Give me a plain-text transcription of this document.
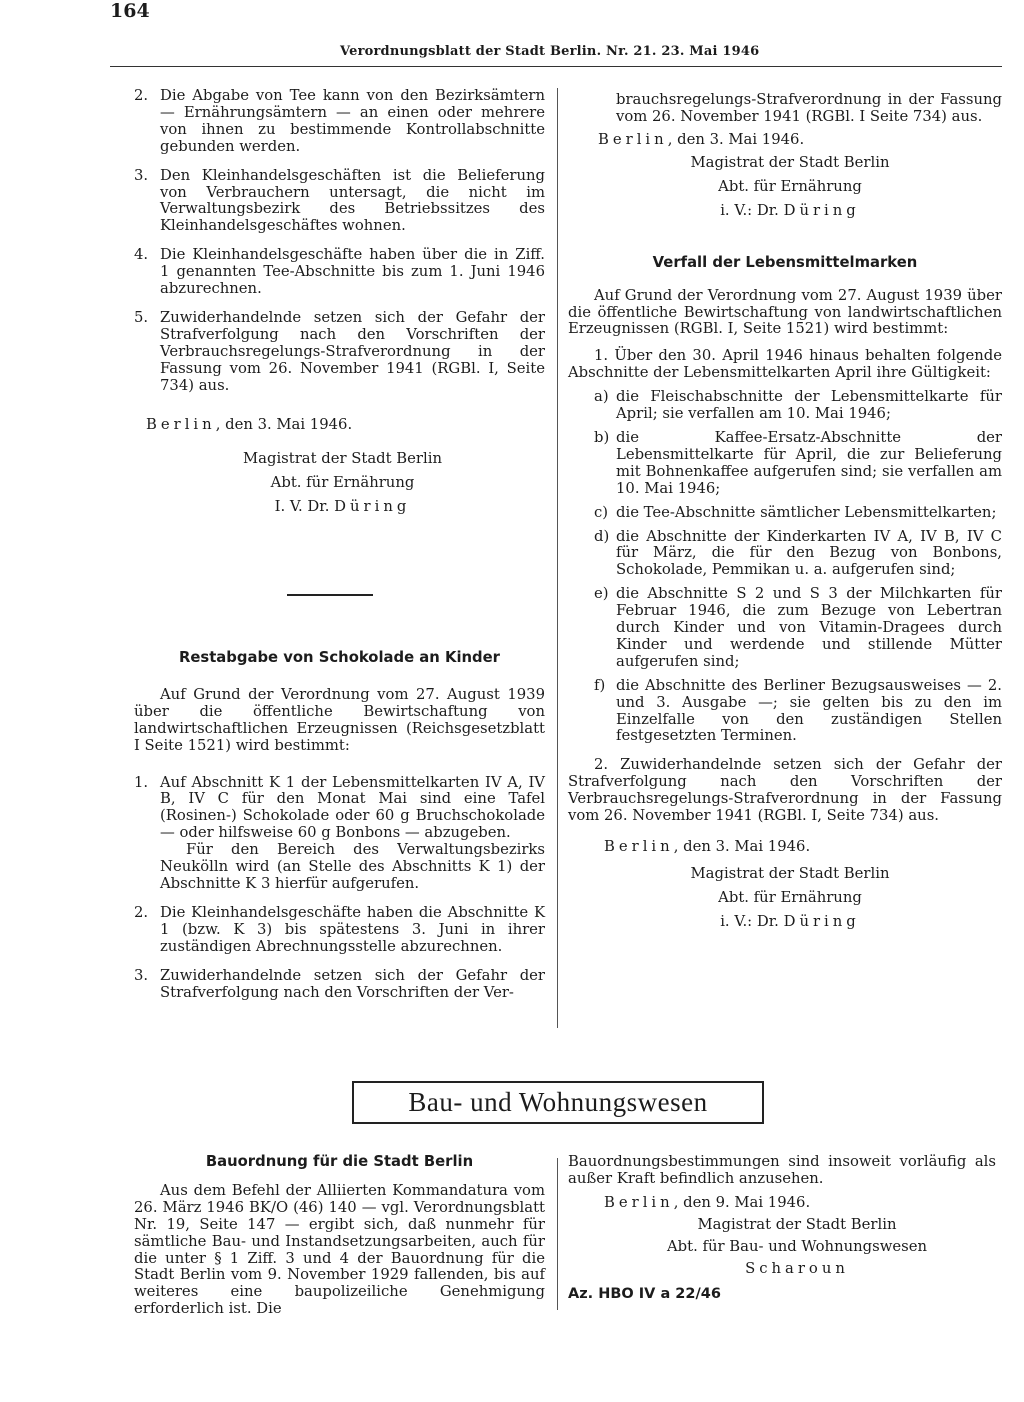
164
Verordnungsblatt der Stadt Berlin. Nr. 21. 23. Mai 1946
2. Die Abgabe von Tee kann von den Bezirksämtern — Ernährungsämtern — an einen oder mehrere von ihnen zu bestimmende Kontrollabschnitte gebunden werden.
3. Den Kleinhandelsgeschäften ist die Belieferung von Verbrauchern untersagt, die nicht im Verwaltungsbezirk des Betriebssitzes des Kleinhandelsgeschäftes wohnen.
4. Die Kleinhandelsgeschäfte haben über die in Ziff. 1 genannten Tee-Abschnitte bis zum 1. Juni 1946 abzurechnen.
5. Zuwiderhandelnde setzen sich der Gefahr der Strafverfolgung nach den Vorschriften der Verbrauchsregelungs-Strafverordnung in der Fassung vom 26. November 1941 (RGBl. I, Seite 734) aus.

Berlin, den 3. Mai 1946.

Magistrat der Stadt Berlin
Abt. für Ernährung
I. V. Dr. Düring
Restabgabe von Schokolade an Kinder

Auf Grund der Verordnung vom 27. August 1939 über die öffentliche Bewirtschaftung von landwirtschaftlichen Erzeugnissen (Reichsgesetzblatt I Seite 1521) wird bestimmt:

1. Auf Abschnitt K 1 der Lebensmittelkarten IV A, IV B, IV C für den Monat Mai sind eine Tafel (Rosinen-) Schokolade oder 60 g Bruchschokolade — oder hilfsweise 60 g Bonbons — abzugeben.

Für den Bereich des Verwaltungsbezirks Neukölln wird (an Stelle des Abschnitts K 1) der Abschnitte K 3 hierfür aufgerufen.

2. Die Kleinhandelsgeschäfte haben die Abschnitte K 1 (bzw. K 3) bis spätestens 3. Juni in ihrer zuständigen Abrechnungsstelle abzurechnen.
3. Zuwiderhandelnde setzen sich der Gefahr der Strafverfolgung nach den Vorschriften der Ver-

brauchsregelungs-Strafverordnung in der Fassung vom 26. November 1941 (RGBl. I Seite 734) aus.

Berlin, den 3. Mai 1946.

Magistrat der Stadt Berlin
Abt. für Ernährung
i. V.: Dr. Düring
Verfall der Lebensmittelmarken

Auf Grund der Verordnung vom 27. August 1939 über die öffentliche Bewirtschaftung von landwirtschaftlichen Erzeugnissen (RGBl. I, Seite 1521) wird bestimmt:

1. Über den 30. April 1946 hinaus behalten folgende Abschnitte der Lebensmittelkarten April ihre Gültigkeit:

a) die Fleischabschnitte der Lebensmittelkarte für April; sie verfallen am 10. Mai 1946;
b) die Kaffee-Ersatz-Abschnitte der Lebensmittelkarte für April, die zur Belieferung mit Bohnenkaffee aufgerufen sind; sie verfallen am 10. Mai 1946;
c) die Tee-Abschnitte sämtlicher Lebensmittelkarten;
d) die Abschnitte der Kinderkarten IV A, IV B, IV C für März, die für den Bezug von Bonbons, Schokolade, Pemmikan u. a. aufgerufen sind;
e) die Abschnitte S 2 und S 3 der Milchkarten für Februar 1946, die zum Bezuge von Lebertran durch Kinder und von Vitamin-Dragees durch Kinder und werdende und stillende Mütter aufgerufen sind;
f) die Abschnitte des Berliner Bezugsausweises — 2. und 3. Ausgabe —; sie gelten bis zu den im Einzelfalle von den zuständigen Stellen festgesetzten Terminen.

2. Zuwiderhandelnde setzen sich der Gefahr der Strafverfolgung nach den Vorschriften der Verbrauchsregelungs-Strafverordnung in der Fassung vom 26. November 1941 (RGBl. I, Seite 734) aus.

Berlin, den 3. Mai 1946.

Magistrat der Stadt Berlin
Abt. für Ernährung
i. V.: Dr. Düring
Bau- und Wohnungswesen
Bauordnung für die Stadt Berlin

Aus dem Befehl der Alliierten Kommandatura vom 26. März 1946 BK/O (46) 140 — vgl. Verordnungsblatt Nr. 19, Seite 147 — ergibt sich, daß nunmehr für sämtliche Bau- und Instandsetzungsarbeiten, auch für die unter § 1 Ziff. 3 und 4 der Bauordnung für die Stadt Berlin vom 9. November 1929 fallenden, bis auf weiteres eine baupolizeiliche Genehmigung erforderlich ist. Die

Bauordnungsbestimmungen sind insoweit vorläufig als außer Kraft befindlich anzusehen.

Berlin, den 9. Mai 1946.

Magistrat der Stadt Berlin
Abt. für Bau- und Wohnungswesen
Scharoun

Az. HBO IV a 22/46
